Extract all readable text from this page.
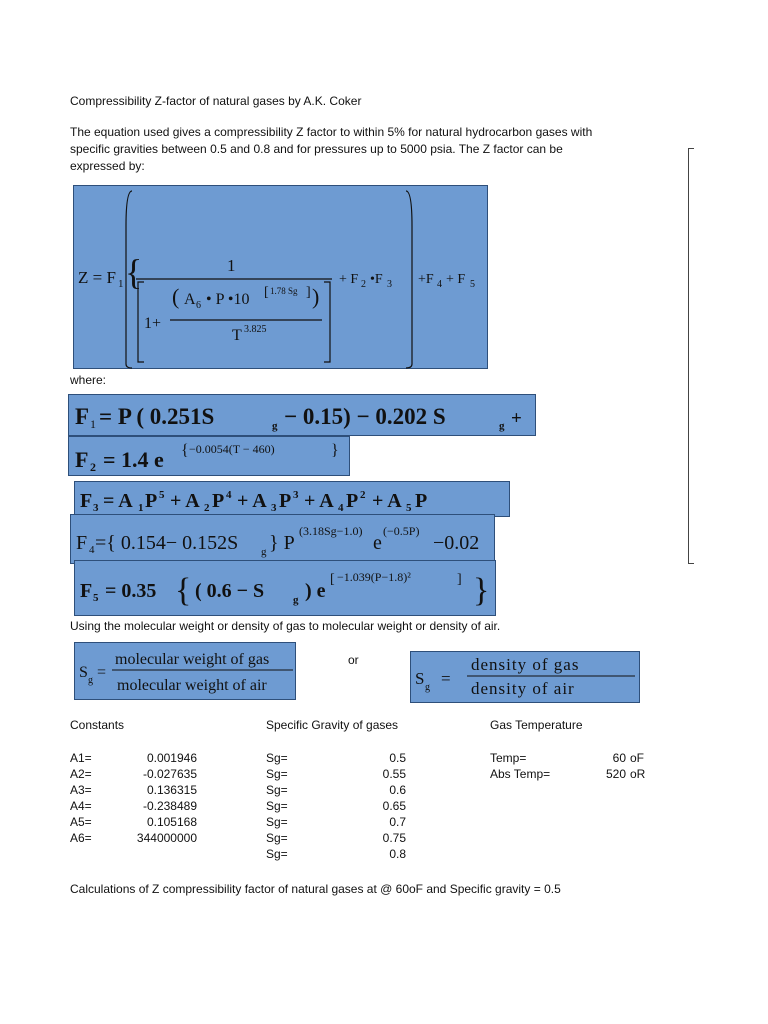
Compressibility Z-factor of natural gases by A.K. Coker
The equation used gives a compressibility Z factor to within 5% for natural hydrocarbon gases with specific gravities between 0.5 and 0.8 and for pressures up to 5000 psia. The Z factor can be expressed by:
Z = F 1 {	1
1+
( A 6 • P •10 [ 1.78 Sg ] )
T 3.825
+ F 2 •F 3 +F 4 + F 5
where:
F 1 = P ( 0.251S	g − 0.15) − 0.202 S	g +
F 2 = 1.4 e { −0.0054(T − 460)	}
F 3 = A 1 P 5 + A 2 P 4 + A 3 P 3 + A 4 P 2 + A 5 P
F 4 ={ 0.154− 0.152S g } P
(3.18Sg−1.0)
e
(−0.5P)
−0.02
F 5 = 0.35 { ( 0.6 − S	g ) e
[ −1.039(P−1.8)²	] }
Using the molecular weight or density of gas to molecular weight or density of air.
S g =
molecular weight of gas
molecular weight of air
or
S g =
density of gas
density of air
Constants	Specific Gravity of gases	Gas Temperature
A1=	0.001946
A2=	-0.027635
A3=	0.136315
A4=	-0.238489
A5=	0.105168
A6=	344000000
Sg=	0.5
Sg=	0.55
Sg=	0.6
Sg=	0.65
Sg=	0.7
Sg=	0.75
Sg=	0.8
Temp=	60 oF
Abs Temp=	520 oR
Calculations of Z compressibility factor of natural gases at @ 60oF and Specific gravity = 0.5
